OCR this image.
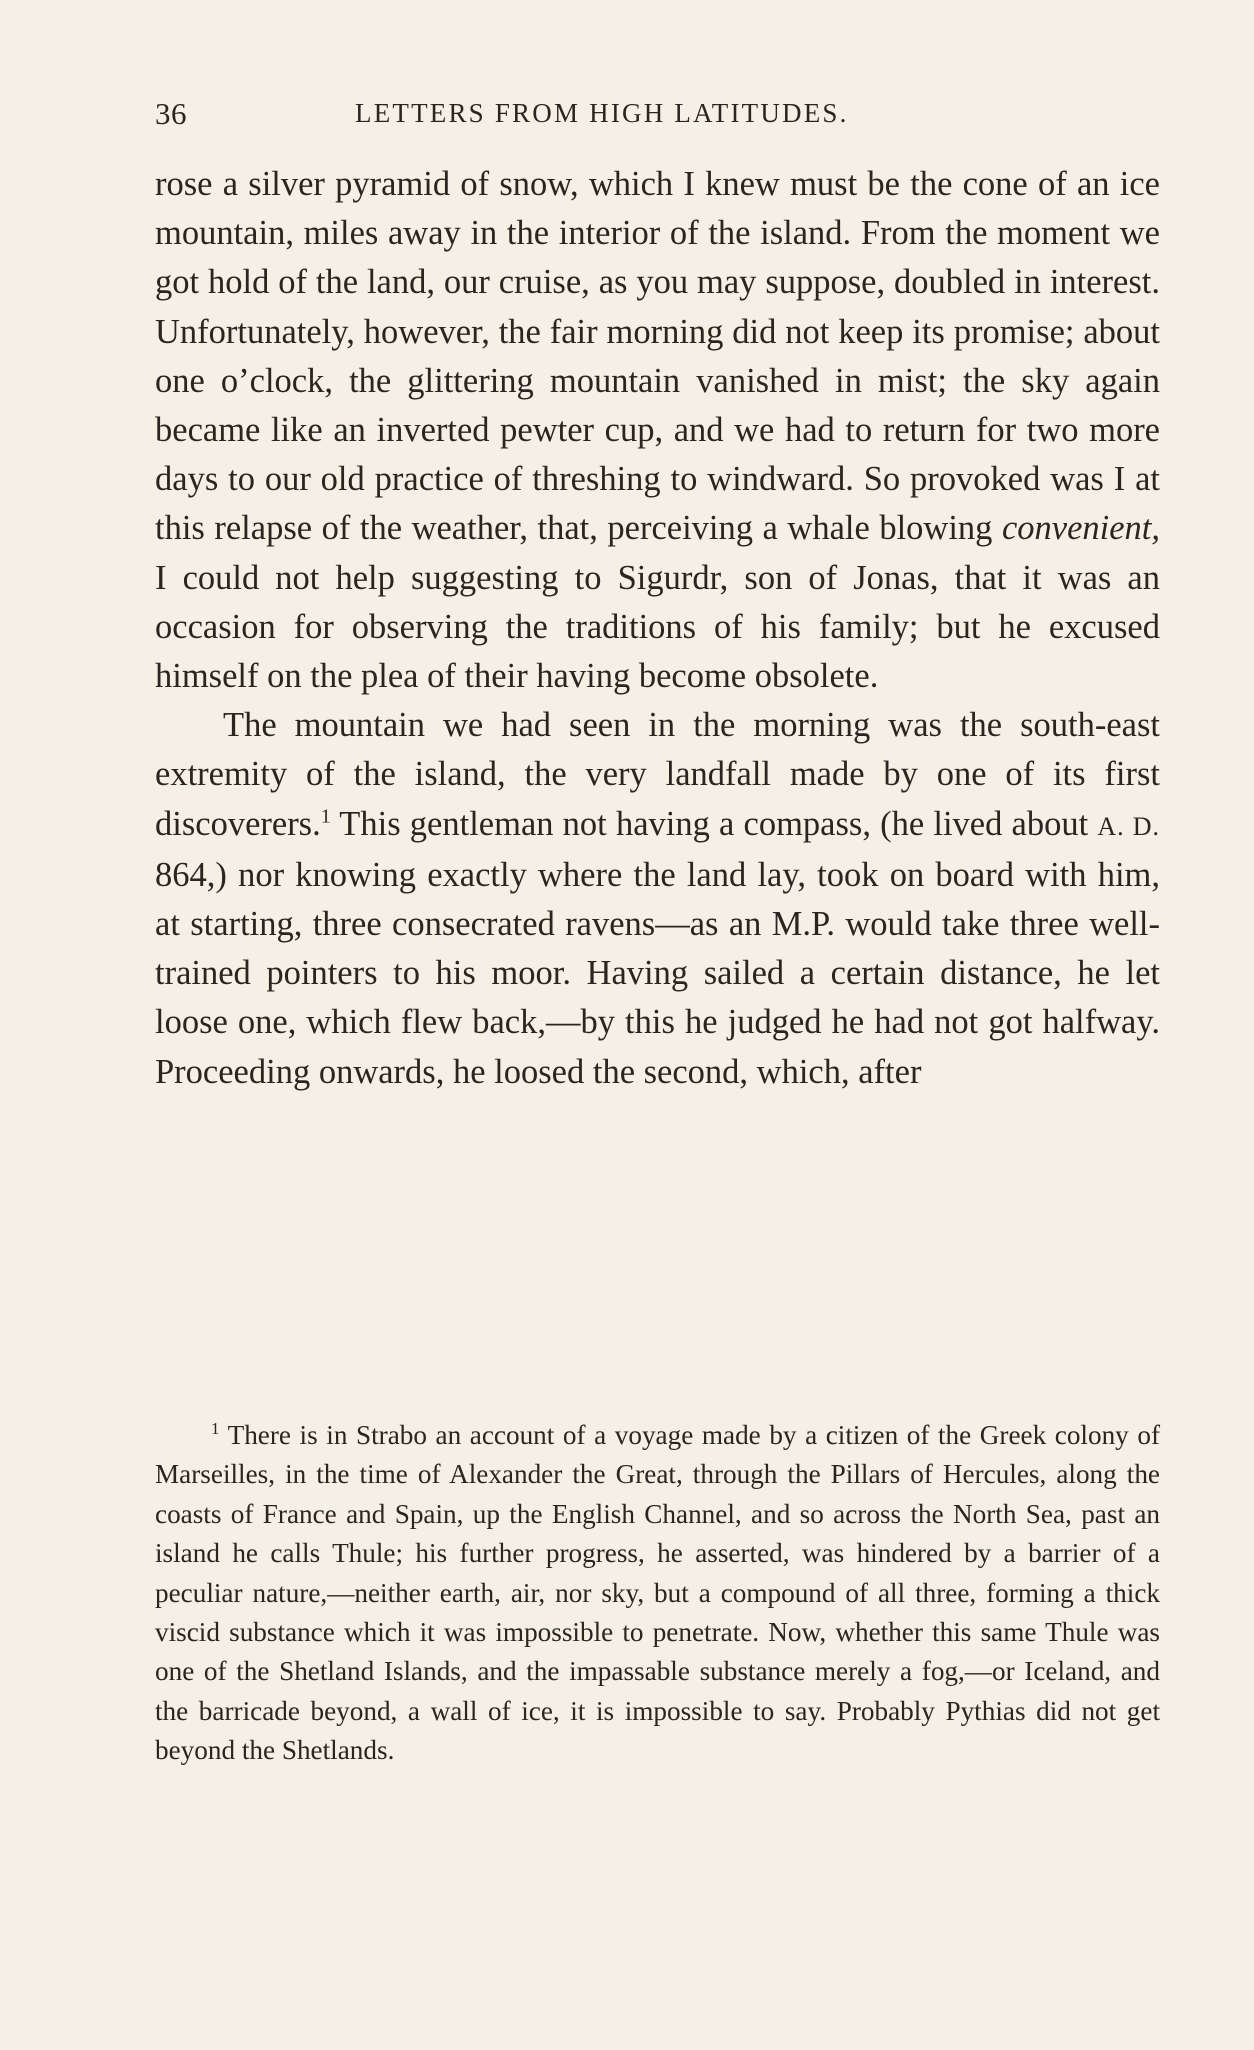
36	LETTERS FROM HIGH LATITUDES.

rose a silver pyramid of snow, which I knew must be the cone of an ice mountain, miles away in the interior of the island. From the moment we got hold of the land, our cruise, as you may suppose, doubled in interest. Unfortunately, however, the fair morning did not keep its promise; about one o’clock, the glittering mountain vanished in mist; the sky again became like an inverted pewter cup, and we had to return for two more days to our old practice of threshing to windward. So provoked was I at this relapse of the weather, that, perceiving a whale blowing convenient, I could not help suggesting to Sigurdr, son of Jonas, that it was an occasion for observing the traditions of his family; but he excused himself on the plea of their having become obsolete.

The mountain we had seen in the morning was the south-east extremity of the island, the very landfall made by one of its first discoverers.$^1$ This gentleman not having a compass, (he lived about A. D. 864,) nor knowing exactly where the land lay, took on board with him, at starting, three consecrated ravens—as an M.P. would take three well-trained pointers to his moor. Having sailed a certain distance, he let loose one, which flew back,—by this he judged he had not got halfway. Proceeding onwards, he loosed the second, which, after

$^1$ There is in Strabo an account of a voyage made by a citizen of the Greek colony of Marseilles, in the time of Alexander the Great, through the Pillars of Hercules, along the coasts of France and Spain, up the English Channel, and so across the North Sea, past an island he calls Thule; his further progress, he asserted, was hindered by a barrier of a peculiar nature,—neither earth, air, nor sky, but a compound of all three, forming a thick viscid substance which it was impossible to penetrate. Now, whether this same Thule was one of the Shetland Islands, and the impassable substance merely a fog,—or Iceland, and the barricade beyond, a wall of ice, it is impossible to say. Probably Pythias did not get beyond the Shetlands.
